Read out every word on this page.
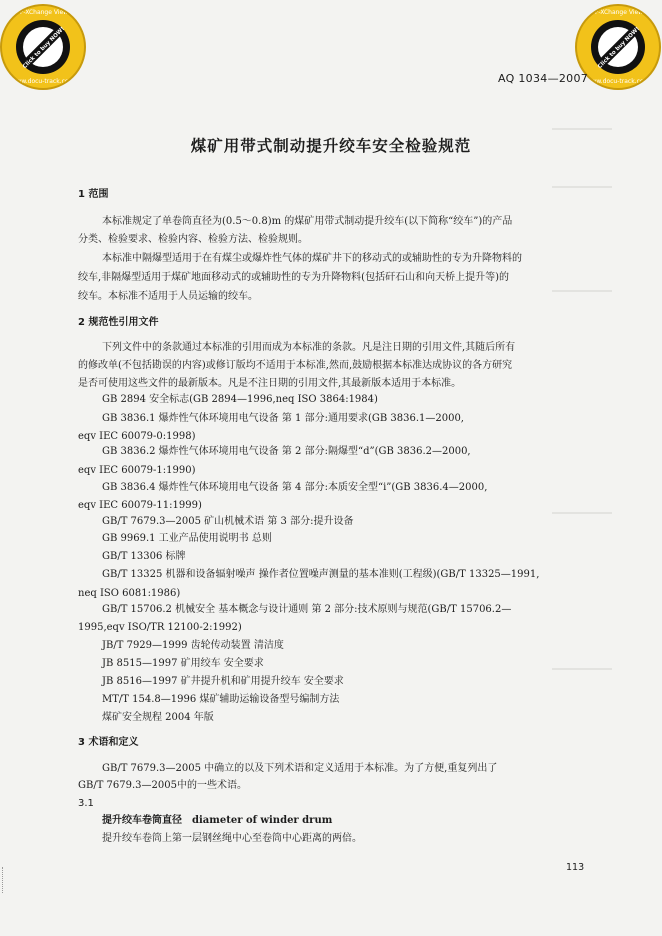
PDF-XChange Viewer
www.docu-track.com
Click to buy NOW!
PDF-XChange Viewer
www.docu-track.com
Click to buy NOW!
AQ 1034—2007
煤矿用带式制动提升绞车安全检验规范
1 范围
本标准规定了单卷筒直径为(0.5～0.8)m 的煤矿用带式制动提升绞车(以下简称“绞车”)的产品
分类、检验要求、检验内容、检验方法、检验规则。
本标准中隔爆型适用于在有煤尘或爆炸性气体的煤矿井下的移动式的或辅助性的专为升降物料的
绞车,非隔爆型适用于煤矿地面移动式的或辅助性的专为升降物料(包括矸石山和向天桥上提升等)的
绞车。本标准不适用于人员运输的绞车。
2 规范性引用文件
下列文件中的条款通过本标准的引用而成为本标准的条款。凡是注日期的引用文件,其随后所有
的修改单(不包括勘误的内容)或修订版均不适用于本标准,然而,鼓励根据本标准达成协议的各方研究
是否可使用这些文件的最新版本。凡是不注日期的引用文件,其最新版本适用于本标准。
GB 2894 安全标志(GB 2894—1996,neq ISO 3864:1984)
GB 3836.1 爆炸性气体环境用电气设备 第 1 部分:通用要求(GB 3836.1—2000,
eqv IEC 60079-0:1998)
GB 3836.2 爆炸性气体环境用电气设备 第 2 部分:隔爆型“d”(GB 3836.2—2000,
eqv IEC 60079-1:1990)
GB 3836.4 爆炸性气体环境用电气设备 第 4 部分:本质安全型“i”(GB 3836.4—2000,
eqv IEC 60079-11:1999)
GB/T 7679.3—2005 矿山机械术语 第 3 部分:提升设备
GB 9969.1 工业产品使用说明书 总则
GB/T 13306 标牌
GB/T 13325 机器和设备辐射噪声 操作者位置噪声测量的基本准则(工程级)(GB/T 13325—1991,
neq ISO 6081:1986)
GB/T 15706.2 机械安全 基本概念与设计通则 第 2 部分:技术原则与规范(GB/T 15706.2—
1995,eqv ISO/TR 12100-2:1992)
JB/T 7929—1999 齿轮传动装置 清洁度
JB 8515—1997 矿用绞车 安全要求
JB 8516—1997 矿井提升机和矿用提升绞车 安全要求
MT/T 154.8—1996 煤矿辅助运输设备型号编制方法
煤矿安全规程 2004 年版
3 术语和定义
GB/T 7679.3—2005 中确立的以及下列术语和定义适用于本标准。为了方便,重复列出了
GB/T 7679.3—2005中的一些术语。
3.1
提升绞车卷筒直径 diameter of winder drum
提升绞车卷筒上第一层钢丝绳中心至卷筒中心距离的两倍。
113
